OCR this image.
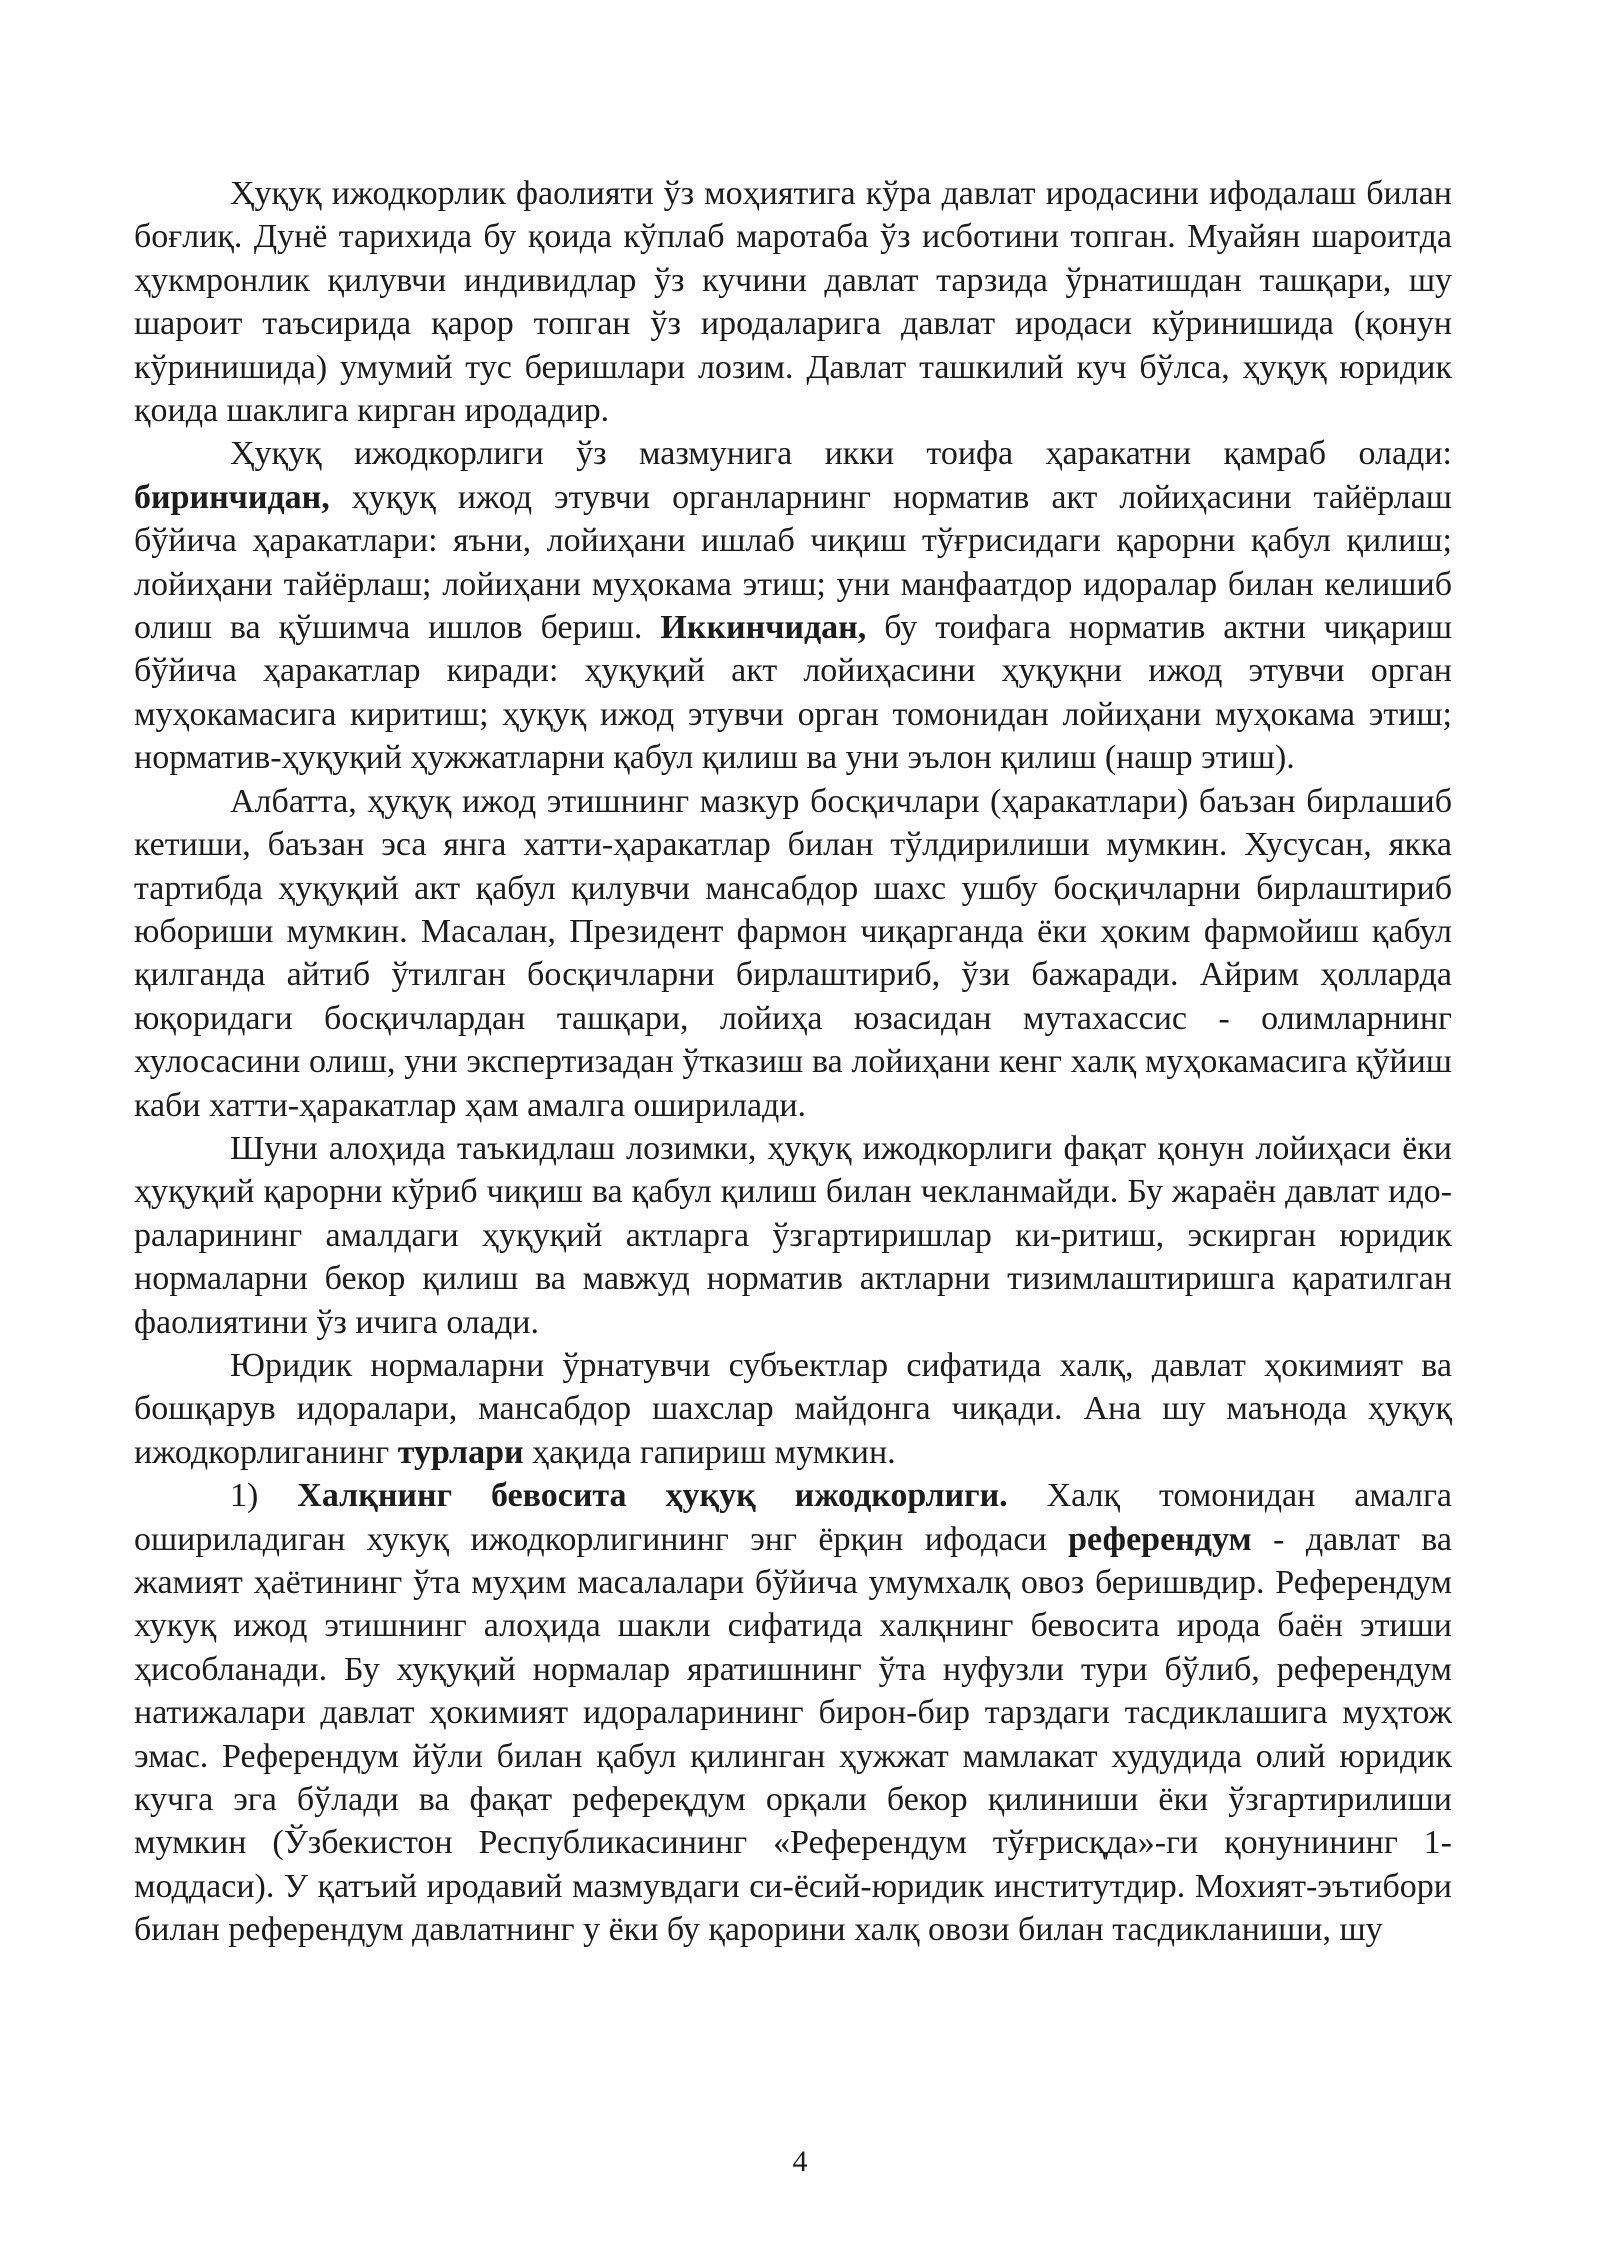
Ҳуқуқ ижодкорлик фаолияти ўз моҳиятига кўра давлат иродасини ифодалаш билан боғлиқ. Дунё тарихида бу қоида кўплаб маротаба ўз исботини топган. Муайян шароитда ҳукмронлик қилувчи индивидлар ўз кучини давлат тарзида ўрнатишдан ташқари, шу шароит таъсирида қарор топган ўз иродаларига давлат иродаси кўринишида (қонун кўринишида) умумий тус беришлари лозим. Давлат ташкилий куч бўлса, ҳуқуқ юридик қоида шаклига кирган иродадир.

Ҳуқуқ ижодкорлиги ўз мазмунига икки тоифа ҳаракатни қамраб олади: биринчидан, ҳуқуқ ижод этувчи органларнинг норматив акт лойиҳасини тайёрлаш бўйича ҳаракатлари: яъни, лойиҳани ишлаб чиқиш тўғрисидаги қарорни қабул қилиш; лойиҳани тайёрлаш; лойиҳани муҳокама этиш; уни манфаатдор идоралар билан келишиб олиш ва қўшимча ишлов бериш. Иккинчидан, бу тоифага норматив актни чиқариш бўйича ҳаракатлар киради: ҳуқуқий акт лойиҳасини ҳуқуқни ижод этувчи орган муҳокамасига киритиш; ҳуқуқ ижод этувчи орган томонидан лойиҳани муҳокама этиш; норматив-ҳуқуқий ҳужжатларни қабул қилиш ва уни эълон қилиш (нашр этиш).

Албатта, ҳуқуқ ижод этишнинг мазкур босқичлари (ҳаракатлари) баъзан бирлашиб кетиши, баъзан эса янга хатти-ҳаракатлар билан тўлдирилиши мумкин. Хусусан, якка тартибда ҳуқуқий акт қабул қилувчи мансабдор шахс ушбу босқичларни бирлаштириб юбориши мумкин. Масалан, Президент фармон чиқарганда ёки ҳоким фармойиш қабул қилганда айтиб ўтилган босқичларни бирлаштириб, ўзи бажаради. Айрим ҳолларда юқоридаги босқичлардан ташқари, лойиҳа юзасидан мутахассис - олимларнинг хулосасини олиш, уни экспертизадан ўтказиш ва лойиҳани кенг халқ муҳокамасига қўйиш каби хатти-ҳаракатлар ҳам амалга оширилади.

Шуни алоҳида таъкидлаш лозимки, ҳуқуқ ижодкорлиги фақат қонун лойиҳаси ёки ҳуқуқий қарорни кўриб чиқиш ва қабул қилиш билан чекланмайди. Бу жараён давлат идо-раларининг амалдаги ҳуқуқий актларга ўзгартиришлар ки-ритиш, эскирган юридик нормаларни бекор қилиш ва мавжуд норматив актларни тизимлаштиришга қаратилган фаолиятини ўз ичига олади.

Юридик нормаларни ўрнатувчи субъектлар сифатида халқ, давлат ҳокимият ва бошқарув идоралари, мансабдор шахслар майдонга чиқади. Ана шу маънода ҳуқуқ ижодкорлиганинг турлари ҳақида гапириш мумкин.

1) Халқнинг бевосита ҳуқуқ ижодкорлиги. Халқ томонидан амалга ошириладиган хукуқ ижодкорлигининг энг ёрқин ифодаси референдум - давлат ва жамият ҳаётининг ўта муҳим масалалари бўйича умумхалқ овоз беришвдир. Референдум хукуқ ижод этишнинг алоҳида шакли сифатида халқнинг бевосита ирода баён этиши ҳисобланади. Бу хуқуқий нормалар яратишнинг ўта нуфузли тури бўлиб, референдум натижалари давлат ҳокимият идораларининг бирон-бир тарздаги тасдиклашига муҳтож эмас. Референдум йўли билан қабул қилинган ҳужжат мамлакат худудида олий юридик кучга эга бўлади ва фақат рефереқдум орқали бекор қилиниши ёки ўзгартирилиши мумкин (Ўзбекистон Республикасининг «Референдум тўғрисқда»-ги қонунининг 1-моддаси). У қатъий иродавий мазмувдаги си-ёсий-юридик институтдир. Мохият-эътибори билан референдум давлатнинг у ёки бу қарорини халқ овози билан тасдикланиши, шу

4
